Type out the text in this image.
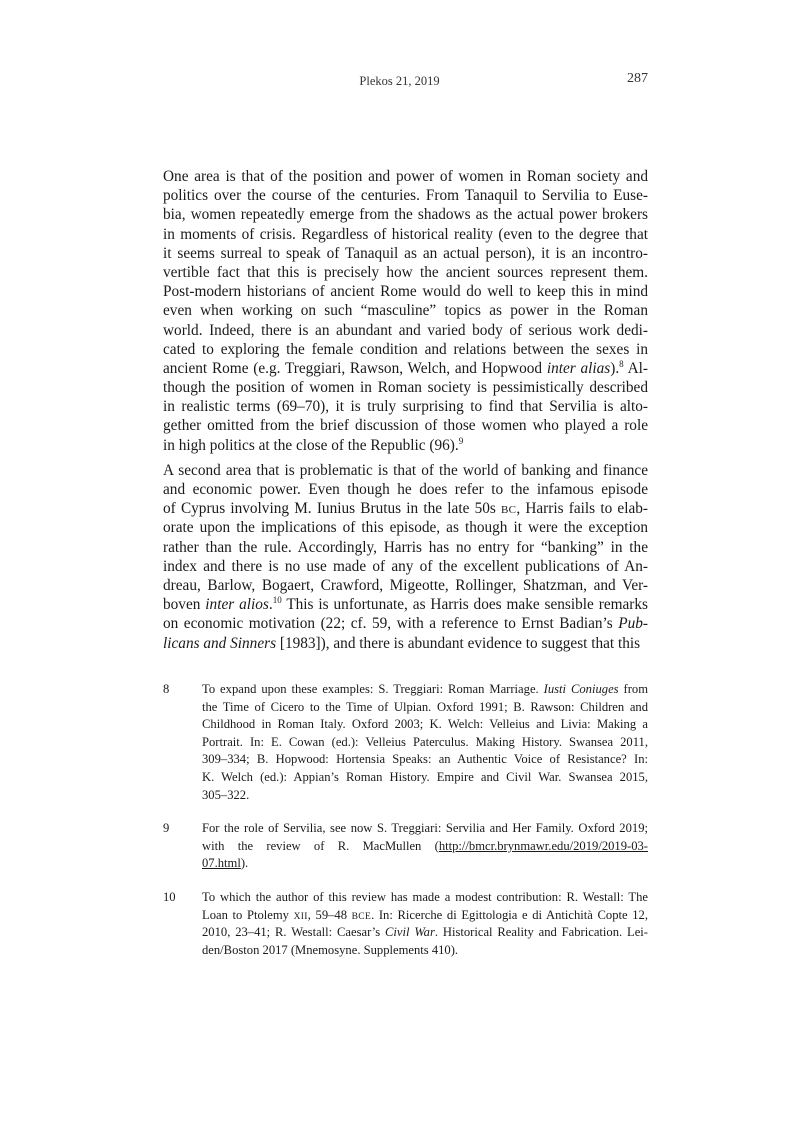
Plekos 21, 2019	287
One area is that of the position and power of women in Roman society and
politics over the course of the centuries. From Tanaquil to Servilia to Euse-
bia, women repeatedly emerge from the shadows as the actual power brokers
in moments of crisis. Regardless of historical reality (even to the degree that
it seems surreal to speak of Tanaquil as an actual person), it is an incontro-
vertible fact that this is precisely how the ancient sources represent them.
Post-modern historians of ancient Rome would do well to keep this in mind
even when working on such “masculine” topics as power in the Roman
world. Indeed, there is an abundant and varied body of serious work dedi-
cated to exploring the female condition and relations between the sexes in
ancient Rome (e.g. Treggiari, Rawson, Welch, and Hopwood inter alias).$^8$ Al-
though the position of women in Roman society is pessimistically described
in realistic terms (69–70), it is truly surprising to find that Servilia is alto-
gether omitted from the brief discussion of those women who played a role
in high politics at the close of the Republic (96).$^9$
A second area that is problematic is that of the world of banking and finance
and economic power. Even though he does refer to the infamous episode
of Cyprus involving M. Iunius Brutus in the late 50s BC, Harris fails to elab-
orate upon the implications of this episode, as though it were the exception
rather than the rule. Accordingly, Harris has no entry for “banking” in the
index and there is no use made of any of the excellent publications of An-
dreau, Barlow, Bogaert, Crawford, Migeotte, Rollinger, Shatzman, and Ver-
boven inter alios.$^{10}$ This is unfortunate, as Harris does make sensible remarks
on economic motivation (22; cf. 59, with a reference to Ernst Badian’s Pub-
licans and Sinners [1983]), and there is abundant evidence to suggest that this
8	To expand upon these examples: S. Treggiari: Roman Marriage. Iusti Coniuges from
the Time of Cicero to the Time of Ulpian. Oxford 1991; B. Rawson: Children and
Childhood in Roman Italy. Oxford 2003; K. Welch: Velleius and Livia: Making a
Portrait. In: E. Cowan (ed.): Velleius Paterculus. Making History. Swansea 2011,
309–334; B. Hopwood: Hortensia Speaks: an Authentic Voice of Resistance? In:
K. Welch (ed.): Appian’s Roman History. Empire and Civil War. Swansea 2015,
305–322.
9	For the role of Servilia, see now S. Treggiari: Servilia and Her Family. Oxford 2019;
with the review of R. MacMullen (http://bmcr.brynmawr.edu/2019/2019-03-
07.html).
10 To which the author of this review has made a modest contribution: R. Westall: The
Loan to Ptolemy XII, 59–48 BCE. In: Ricerche di Egittologia e di Antichità Copte 12,
2010, 23–41; R. Westall: Caesar’s Civil War. Historical Reality and Fabrication. Lei-
den/Boston 2017 (Mnemosyne. Supplements 410).
